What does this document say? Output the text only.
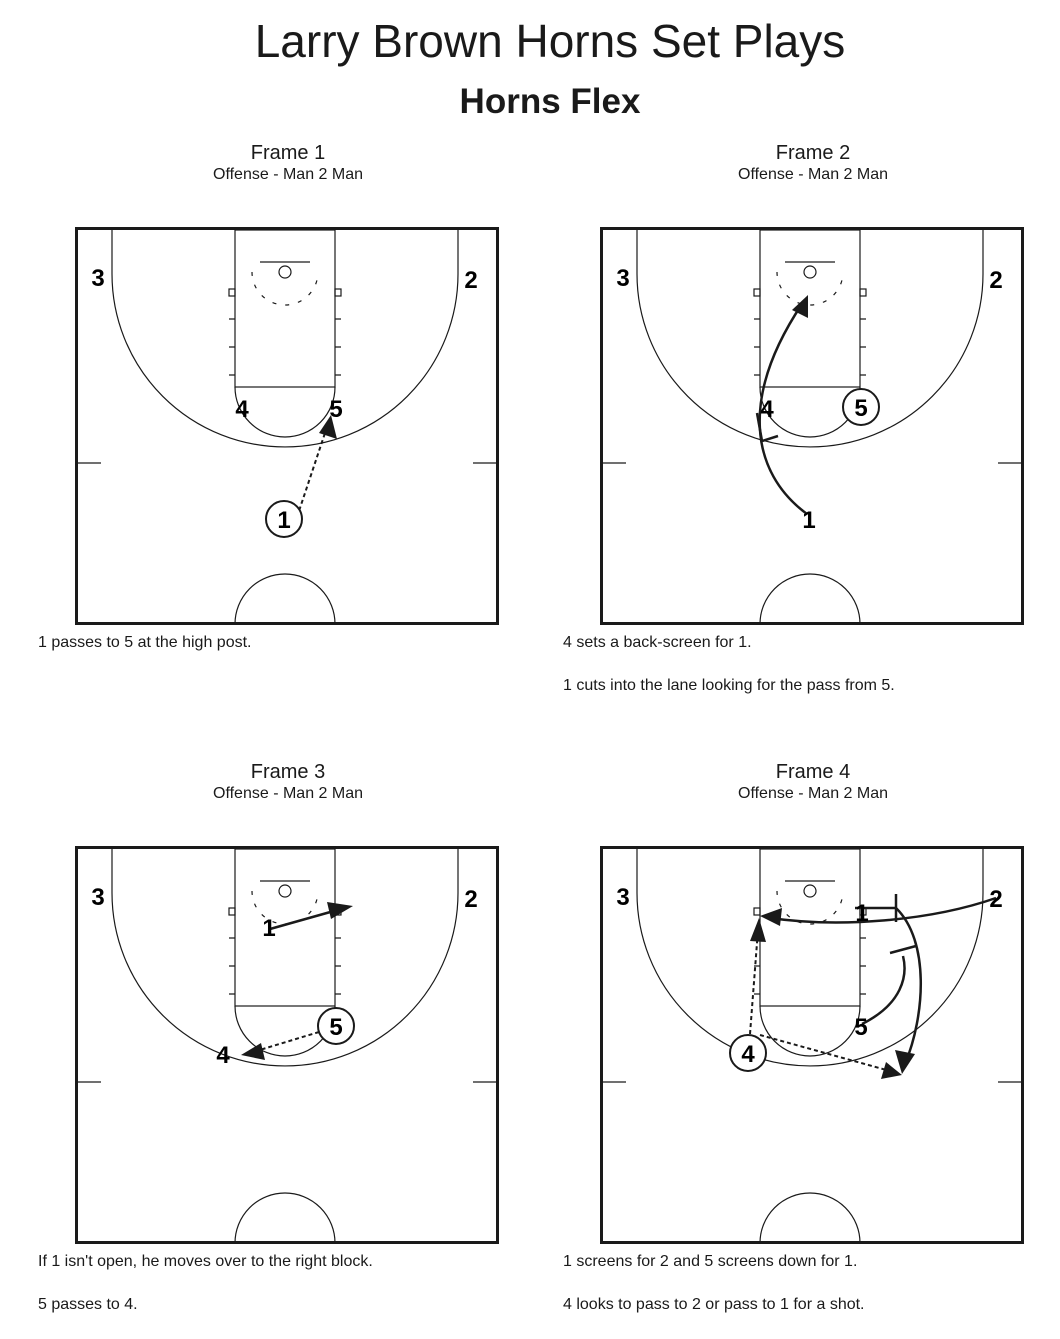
Larry Brown Horns Set Plays
Horns Flex
Frame 1
Offense - Man 2 Man
3	2
4	5
1

1 passes to 5 at the high post.

Frame 2
Offense - Man 2 Man
3	2
4	5
1

4 sets a back-screen for 1.

1 cuts into the lane looking for the pass from 5.

Frame 3
Offense - Man 2 Man
3	2
1
5
4

If 1 isn't open, he moves over to the right block.

5 passes to 4.

Frame 4
Offense - Man 2 Man
3	2
1
5
4

1 screens for 2 and 5 screens down for 1.

4 looks to pass to 2 or pass to 1 for a shot.
